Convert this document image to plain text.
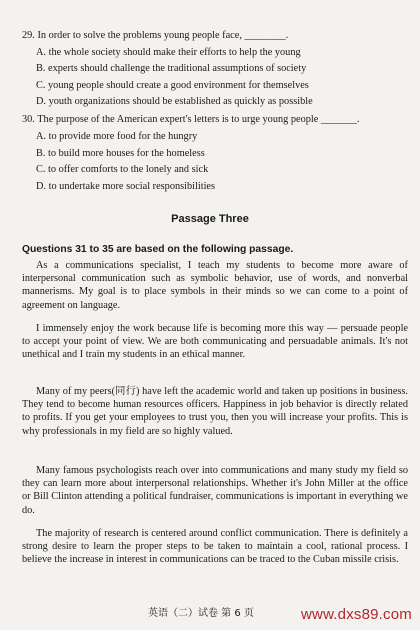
29. In order to solve the problems young people face, ________.
A. the whole society should make their efforts to help the young
B. experts should challenge the traditional assumptions of society
C. young people should create a good environment for themselves
D. youth organizations should be established as quickly as possible
30. The purpose of the American expert's letters is to urge young people _______.
A. to provide more food for the hungry
B. to build more houses for the homeless
C. to offer comforts to the lonely and sick
D. to undertake more social responsibilities
Passage Three
Questions 31 to 35 are based on the following passage.

As a communications specialist, I teach my students to become more aware of interpersonal communication such as symbolic behavior, use of words, and nonverbal mannerisms. My goal is to place symbols in their minds so we can come to a point of agreement on language.

I immensely enjoy the work because life is becoming more this way — persuade people to accept your point of view. We are both communicating and persuadable animals. It's not unethical and I train my students in an ethical manner.

Many of my peers(同行) have left the academic world and taken up positions in business. They tend to become human resources officers. Happiness in job behavior is directly related to profits. If you get your employees to trust you, then you will increase your profits. This is why professionals in my field are so highly valued.

Many famous psychologists reach over into communications and many study my field so they can learn more about interpersonal relationships. Whether it's John Miller at the office or Bill Clinton attending a political fundraiser, communications is important in everything we do.

The majority of research is centered around conflict communication. There is definitely a strong desire to learn the proper steps to be taken to maintain a cool, rational process. I believe the increase in interest in communications can be traced to the Cuban missile crisis.

英语（二）试卷 第 6 页	www.dxs89.com
